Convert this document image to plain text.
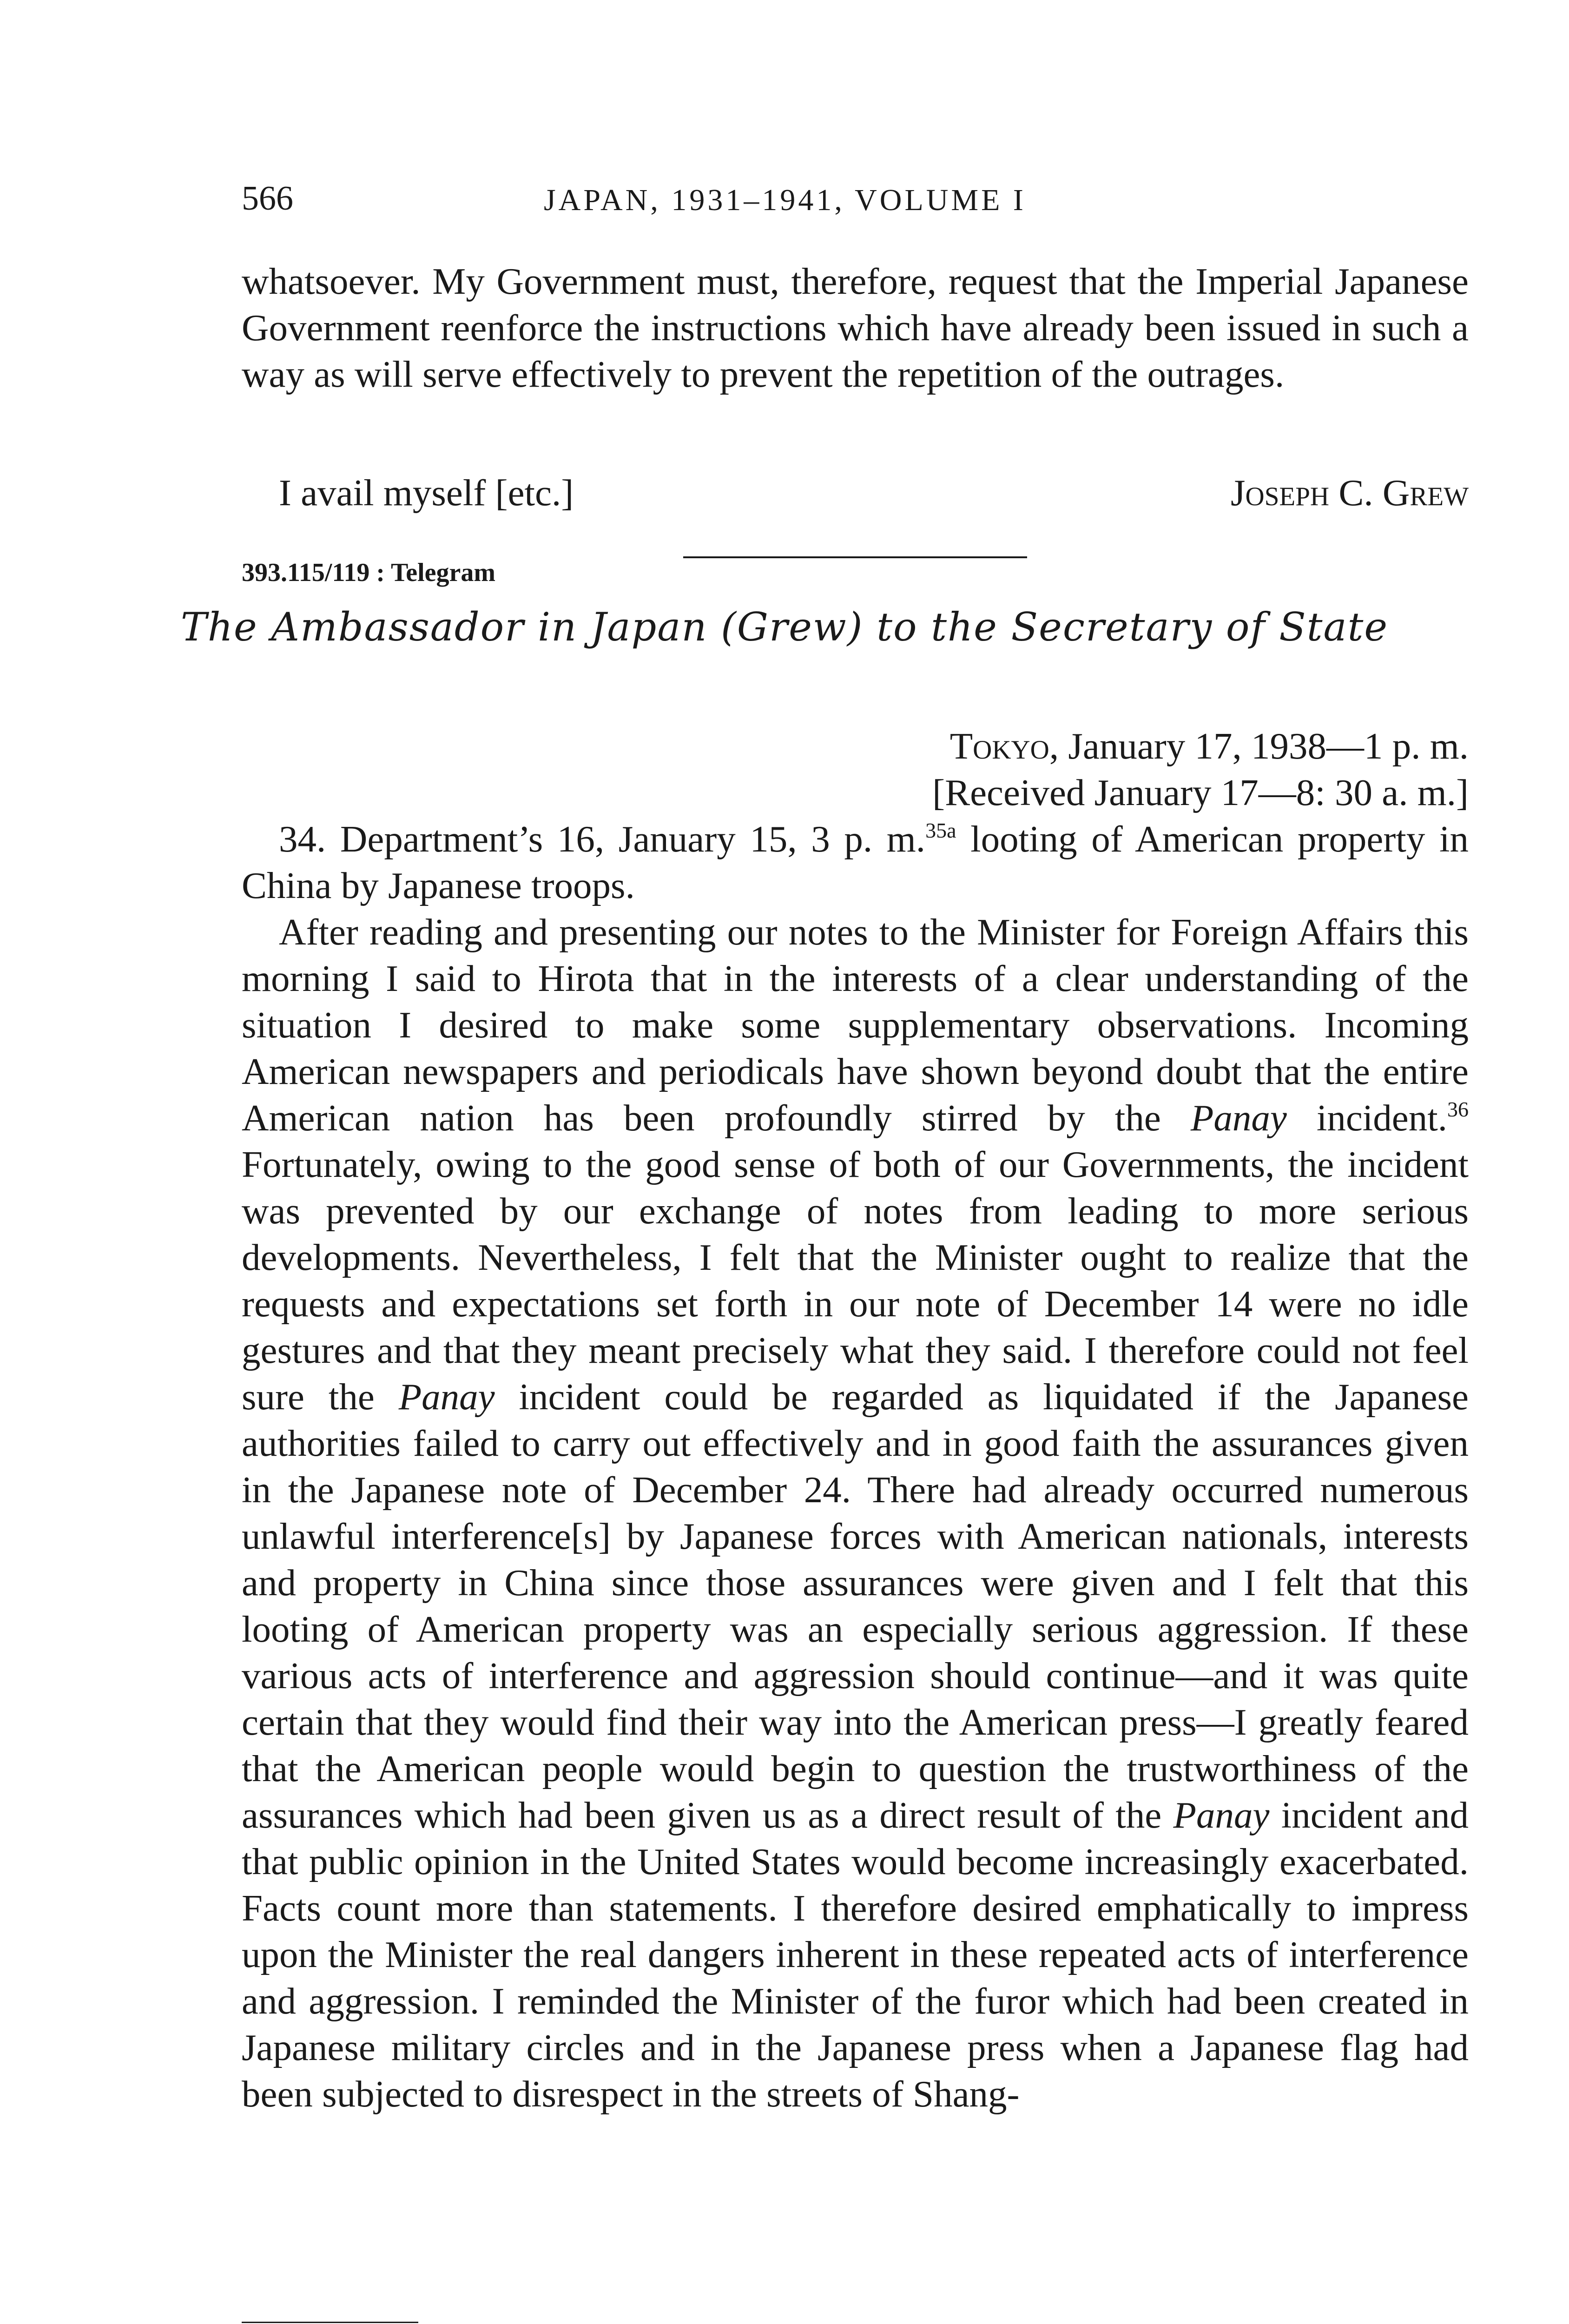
566	JAPAN, 1931–1941, VOLUME I

whatsoever. My Government must, therefore, request that the Imperial Japanese Government reenforce the instructions which have already been issued in such a way as will serve effectively to prevent the repetition of the outrages.

I avail myself [etc.]	Joseph C. Grew
393.115/119 : Telegram
The Ambassador in Japan (Grew) to the Secretary of State
Tokyo, January 17, 1938—1 p. m.
[Received January 17—8: 30 a. m.]

34. Department’s 16, January 15, 3 p. m.$^{35a}$ looting of American property in China by Japanese troops.

After reading and presenting our notes to the Minister for Foreign Affairs this morning I said to Hirota that in the interests of a clear understanding of the situation I desired to make some supplementary observations. Incoming American newspapers and periodicals have shown beyond doubt that the entire American nation has been profoundly stirred by the Panay incident.$^{36}$ Fortunately, owing to the good sense of both of our Governments, the incident was prevented by our exchange of notes from leading to more serious developments. Nevertheless, I felt that the Minister ought to realize that the requests and expectations set forth in our note of December 14 were no idle gestures and that they meant precisely what they said. I therefore could not feel sure the Panay incident could be regarded as liquidated if the Japanese authorities failed to carry out effectively and in good faith the assurances given in the Japanese note of December 24. There had already occurred numerous unlawful interference[s] by Japanese forces with American nationals, interests and property in China since those assurances were given and I felt that this looting of American property was an especially serious aggression. If these various acts of interference and aggression should continue—and it was quite certain that they would find their way into the American press—I greatly feared that the American people would begin to question the trustworthiness of the assurances which had been given us as a direct result of the Panay incident and that public opinion in the United States would become increasingly exacerbated. Facts count more than statements. I therefore desired emphatically to impress upon the Minister the real dangers inherent in these repeated acts of interference and aggression. I reminded the Minister of the furor which had been created in Japanese military circles and in the Japanese press when a Japanese flag had been subjected to disrespect in the streets of Shang-
